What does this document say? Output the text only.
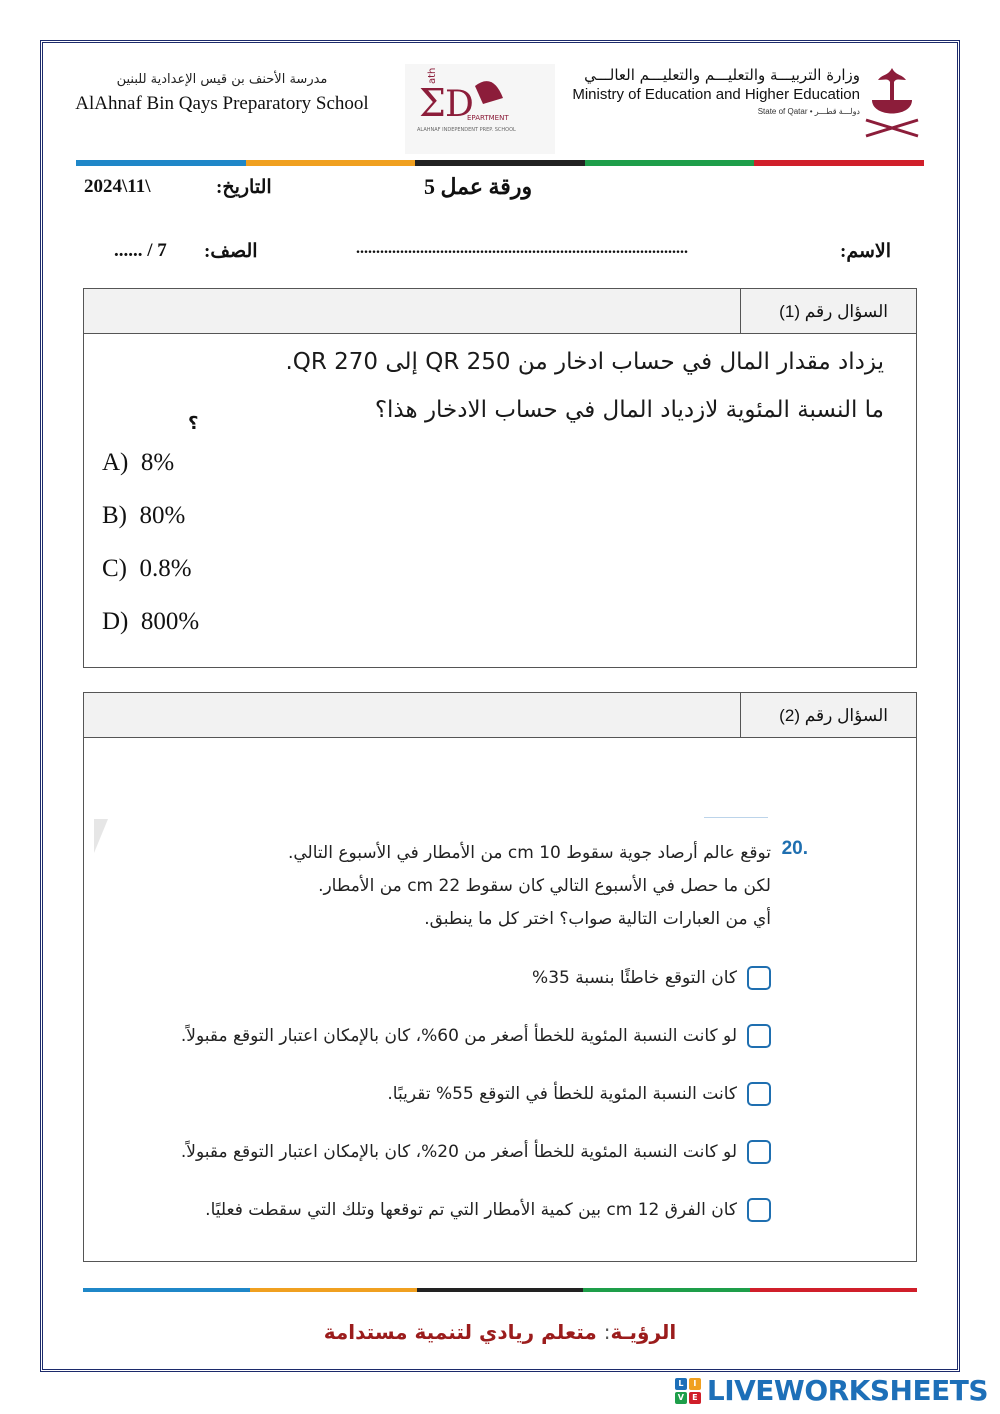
مدرسة الأحنف بن قيس الإعدادية للبنين
AlAhnaf Bin Qays Preparatory School Σ D
ath
EPARTMENT
ALAHNAF INDEPENDENT PREP. SCHOOL
وزارة التربيـــة والتعليـــم والتعليـــم العالـــي
Ministry of Education and Higher Education
State of Qatar • دولـــة قطـــر
2024\11\	التاريخ:	ورقة عمل 5
...... / 7 الصف:	...................................................................................	الاسم:
السؤال رقم (1)
يزداد مقدار المال في حساب ادخار من QR 250 إلى QR 270.
ما النسبة المئوية لازدياد المال في حساب الادخار هذا؟
؟
A) 8%
B) 80%
C) 0.8%
D) 800%
السؤال رقم (2)
20.
توقع عالم أرصاد جوية سقوط 10 cm من الأمطار في الأسبوع التالي.
لكن ما حصل في الأسبوع التالي كان سقوط 22 cm من الأمطار.
أي من العبارات التالية صواب؟ اختر كل ما ينطبق.
كان التوقع خاطئًا بنسبة 35%
لو كانت النسبة المئوية للخطأ أصغر من 60%، كان بالإمكان اعتبار التوقع مقبولاً.
كانت النسبة المئوية للخطأ في التوقع 55% تقريبًا.
لو كانت النسبة المئوية للخطأ أصغر من 20%، كان بالإمكان اعتبار التوقع مقبولاً.
كان الفرق 12 cm بين كمية الأمطار التي تم توقعها وتلك التي سقطت فعليًا.
الرؤيـة: متعلم ريادي لتنمية مستدامة
L	I
V	E LIVEWORKSHEETS
